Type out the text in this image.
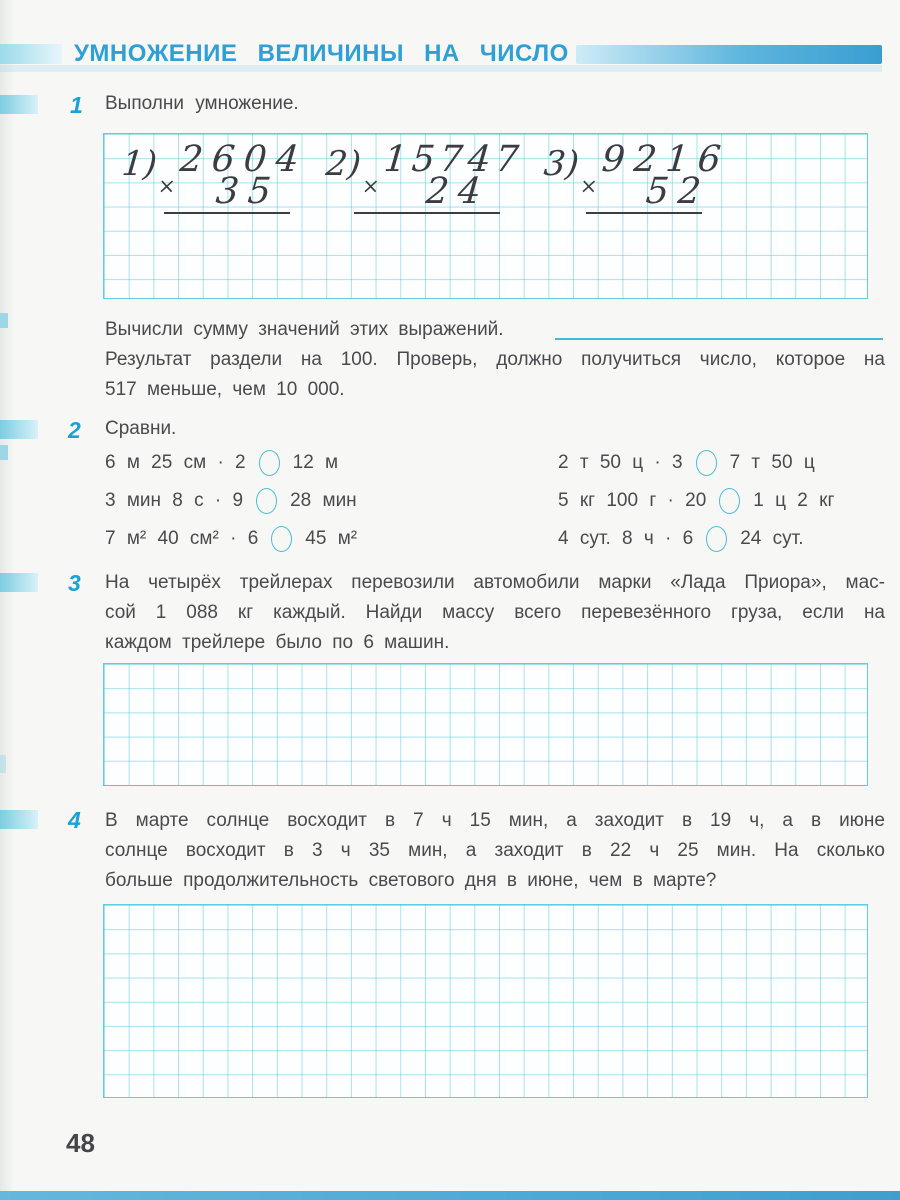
УМНОЖЕНИЕ ВЕЛИЧИНЫ НА ЧИСЛО
1 Выполни умножение.
1)
×
2604
35
2)
×
15747
24
3)
×
9216
52
Вычисли сумму значений этих выражений.
Результат раздели на 100. Проверь, должно получиться число, которое на
517 меньше, чем 10 000.
2 Сравни.
6 м 25 см · 2 12 м
3 мин 8 с · 9 28 мин
7 м² 40 см² · 6 45 м²
2 т 50 ц · 3 7 т 50 ц
5 кг 100 г · 20 1 ц 2 кг
4 сут. 8 ч · 6 24 сут.
3 На четырёх трейлерах перевозили автомобили марки «Лада Приора», мас-
сой 1 088 кг каждый. Найди массу всего перевезённого груза, если на
каждом трейлере было по 6 машин.
4 В марте солнце восходит в 7 ч 15 мин, а заходит в 19 ч, а в июне
солнце восходит в 3 ч 35 мин, а заходит в 22 ч 25 мин. На сколько
больше продолжительность светового дня в июне, чем в марте?
48
